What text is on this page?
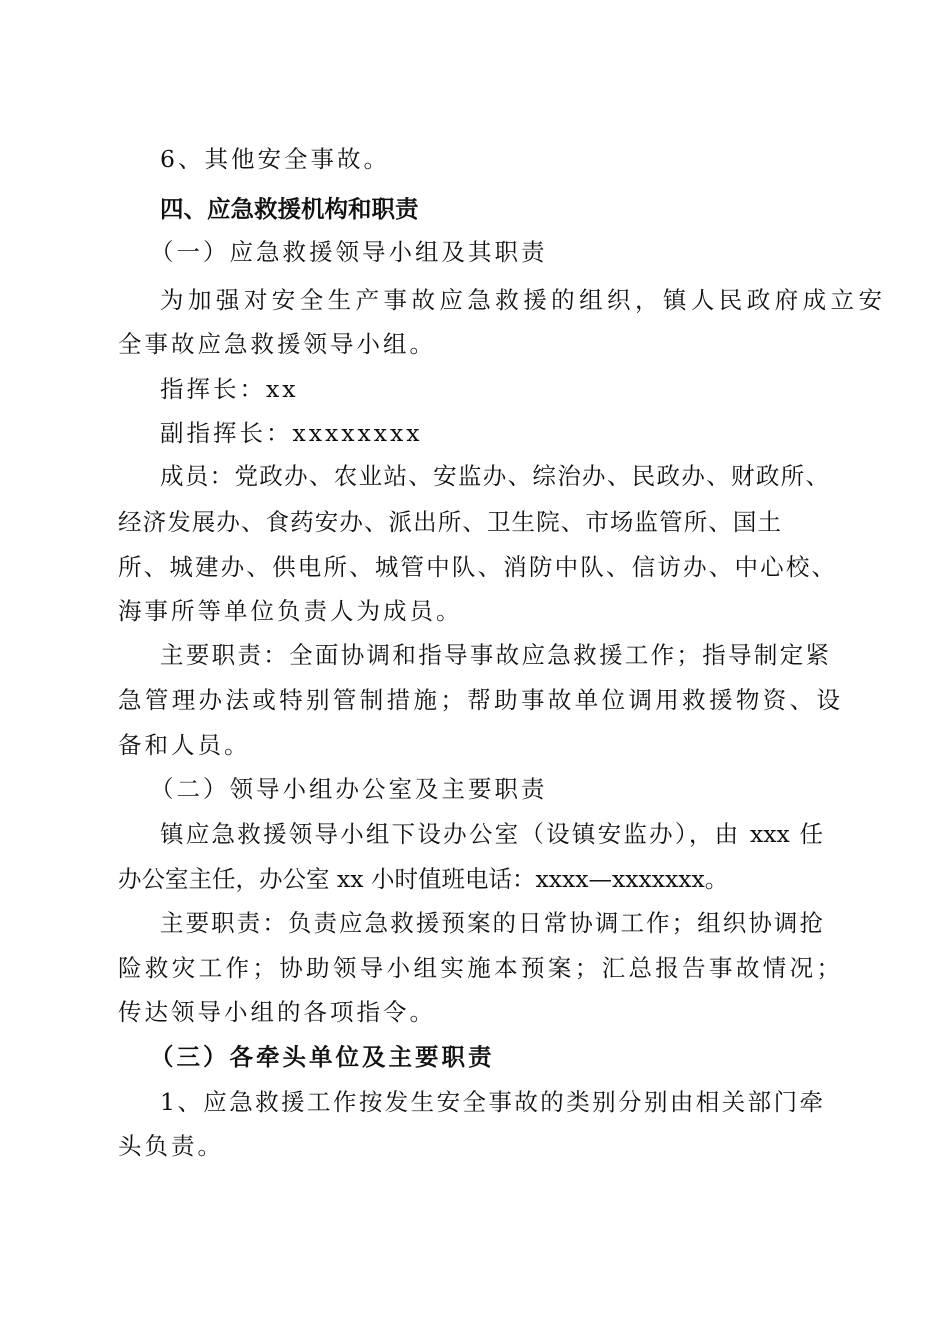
6、其他安全事故。
四、应急救援机构和职责
（一）应急救援领导小组及其职责
为加强对安全生产事故应急救援的组织，镇人民政府成立安
全事故应急救援领导小组。
指挥长：xx
副指挥长：xxxxxxxx
成员：党政办、农业站、安监办、综治办、民政办、财政所、
经济发展办、食药安办、派出所、卫生院、市场监管所、国土
所、城建办、供电所、城管中队、消防中队、信访办、中心校、
海事所等单位负责人为成员。
主要职责：全面协调和指导事故应急救援工作；指导制定紧
急管理办法或特别管制措施；帮助事故单位调用救援物资、设
备和人员。
（二）领导小组办公室及主要职责
镇应急救援领导小组下设办公室（设镇安监办），由 xxx 任
办公室主任，办公室 xx 小时值班电话：xxxx—xxxxxxx。
主要职责：负责应急救援预案的日常协调工作；组织协调抢
险救灾工作；协助领导小组实施本预案；汇总报告事故情况；
传达领导小组的各项指令。
（三）各牵头单位及主要职责
1、应急救援工作按发生安全事故的类别分别由相关部门牵
头负责。
